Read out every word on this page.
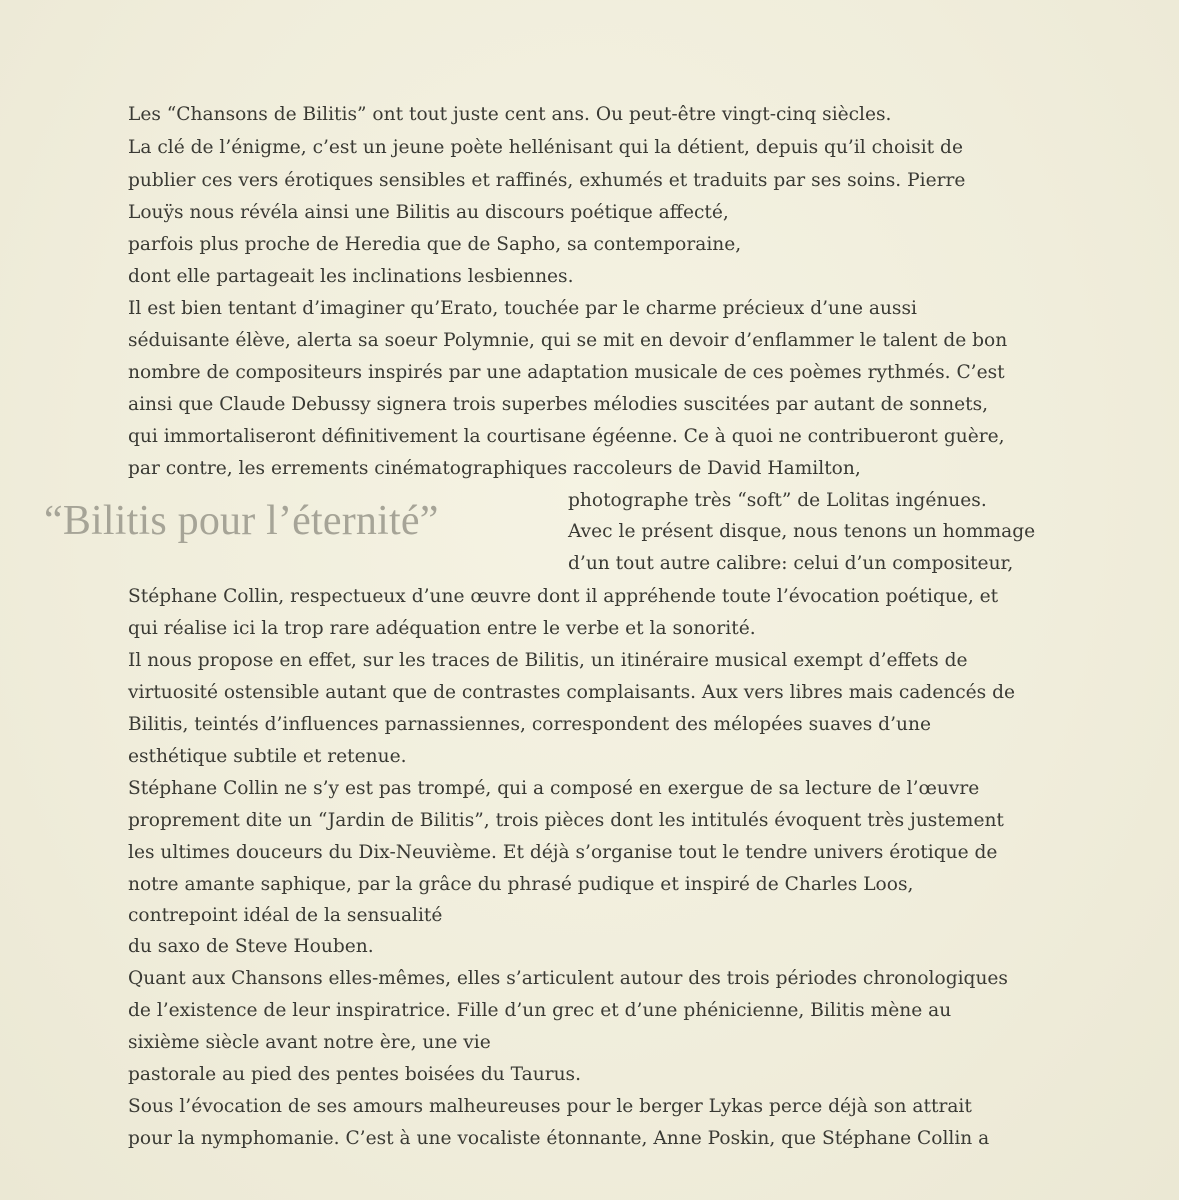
“Bilitis pour l’éternité”

Les “Chansons de Bilitis” ont tout juste cent ans. Ou peut-être vingt-cinq siècles.

La clé de l’énigme, c’est un jeune poète hellénisant qui la détient, depuis qu’il choisit de

publier ces vers érotiques sensibles et raffinés, exhumés et traduits par ses soins. Pierre

Louÿs nous révéla ainsi une Bilitis au discours poétique affecté,

parfois plus proche de Heredia que de Sapho, sa contemporaine,

dont elle partageait les inclinations lesbiennes.

Il est bien tentant d’imaginer qu’Erato, touchée par le charme précieux d’une aussi

séduisante élève, alerta sa soeur Polymnie, qui se mit en devoir d’enflammer le talent de bon

nombre de compositeurs inspirés par une adaptation musicale de ces poèmes rythmés. C’est

ainsi que Claude Debussy signera trois superbes mélodies suscitées par autant de sonnets,

qui immortaliseront définitivement la courtisane égéenne. Ce à quoi ne contribueront guère,

par contre, les errements cinématographiques raccoleurs de David Hamilton,

photographe très “soft” de Lolitas ingénues.

Avec le présent disque, nous tenons un hommage

d’un tout autre calibre: celui d’un compositeur,

Stéphane Collin, respectueux d’une œuvre dont il appréhende toute l’évocation poétique, et

qui réalise ici la trop rare adéquation entre le verbe et la sonorité.

Il nous propose en effet, sur les traces de Bilitis, un itinéraire musical exempt d’effets de

virtuosité ostensible autant que de contrastes complaisants. Aux vers libres mais cadencés de

Bilitis, teintés d’influences parnassiennes, correspondent des mélopées suaves d’une

esthétique subtile et retenue.

Stéphane Collin ne s’y est pas trompé, qui a composé en exergue de sa lecture de l’œuvre

proprement dite un “Jardin de Bilitis”, trois pièces dont les intitulés évoquent très justement

les ultimes douceurs du Dix-Neuvième. Et déjà s’organise tout le tendre univers érotique de

notre amante saphique, par la grâce du phrasé pudique et inspiré de Charles Loos,

contrepoint idéal de la sensualité

du saxo de Steve Houben.

Quant aux Chansons elles-mêmes, elles s’articulent autour des trois périodes chronologiques

de l’existence de leur inspiratrice. Fille d’un grec et d’une phénicienne, Bilitis mène au

sixième siècle avant notre ère, une vie

pastorale au pied des pentes boisées du Taurus.

Sous l’évocation de ses amours malheureuses pour le berger Lykas perce déjà son attrait

pour la nymphomanie. C’est à une vocaliste étonnante, Anne Poskin, que Stéphane Collin a
